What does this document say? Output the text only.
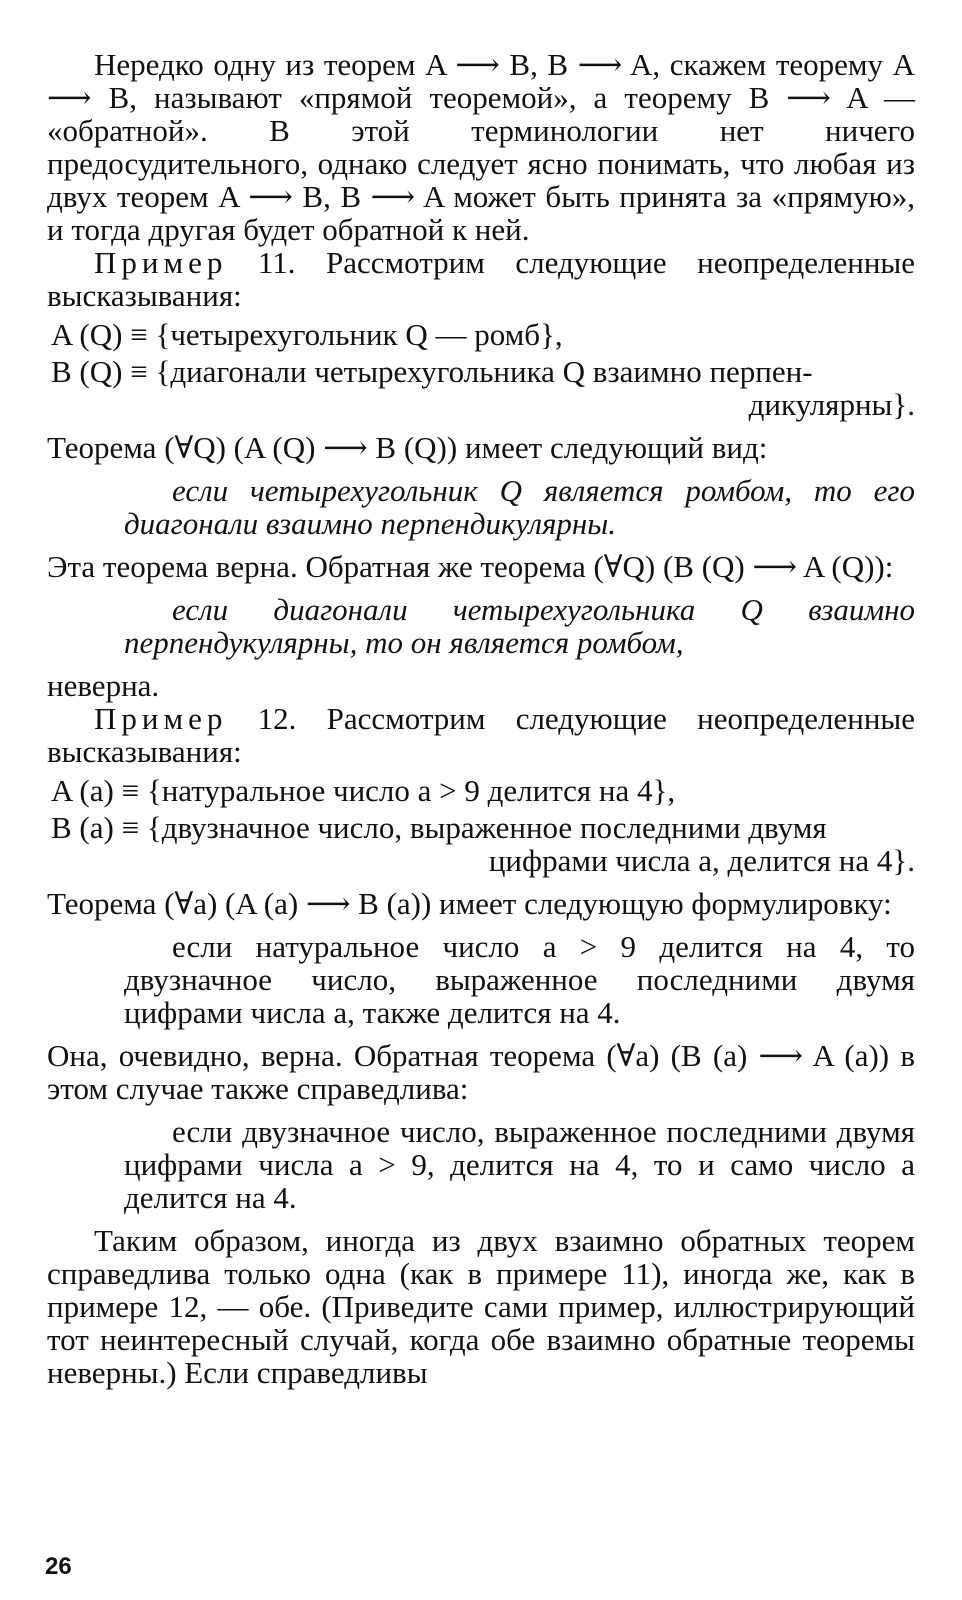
Нередко одну из теорем A ⟶ B, B ⟶ A, скажем теорему A ⟶ B, называют «прямой теоремой», а теорему B ⟶ A — «обратной». В этой терминологии нет ничего предосудительного, однако следует ясно понимать, что любая из двух теорем A ⟶ B, B ⟶ A может быть принята за «прямую», и тогда другая будет обратной к ней.

Пример 11. Рассмотрим следующие неопределенные высказывания:

A (Q) ≡ {четырехугольник Q — ромб},

B (Q) ≡ {диагонали четырехугольника Q взаимно перпен-

дикулярны}.

Теорема (∀Q) (A (Q) ⟶ B (Q)) имеет следующий вид:

если четырехугольник Q является ромбом, то его диагонали взаимно перпендикулярны.

Эта теорема верна. Обратная же теорема (∀Q) (B (Q) ⟶ A (Q)):

если диагонали четырехугольника Q взаимно перпендукулярны, то он является ромбом,

неверна.

Пример 12. Рассмотрим следующие неопределенные высказывания:

A (a) ≡ {натуральное число a > 9 делится на 4},

B (a) ≡ {двузначное число, выраженное последними двумя

цифрами числа a, делится на 4}.

Теорема (∀a) (A (a) ⟶ B (a)) имеет следующую формулировку:

если натуральное число a > 9 делится на 4, то двузначное число, выраженное последними двумя цифрами числа a, также делится на 4.

Она, очевидно, верна. Обратная теорема (∀a) (B (a) ⟶ A (a)) в этом случае также справедлива:

если двузначное число, выраженное последними двумя цифрами числа a > 9, делится на 4, то и само число a делится на 4.

Таким образом, иногда из двух взаимно обратных теорем справедлива только одна (как в примере 11), иногда же, как в примере 12, — обе. (Приведите сами пример, иллюстрирующий тот неинтересный случай, когда обе взаимно обратные теоремы неверны.) Если справедливы

26
